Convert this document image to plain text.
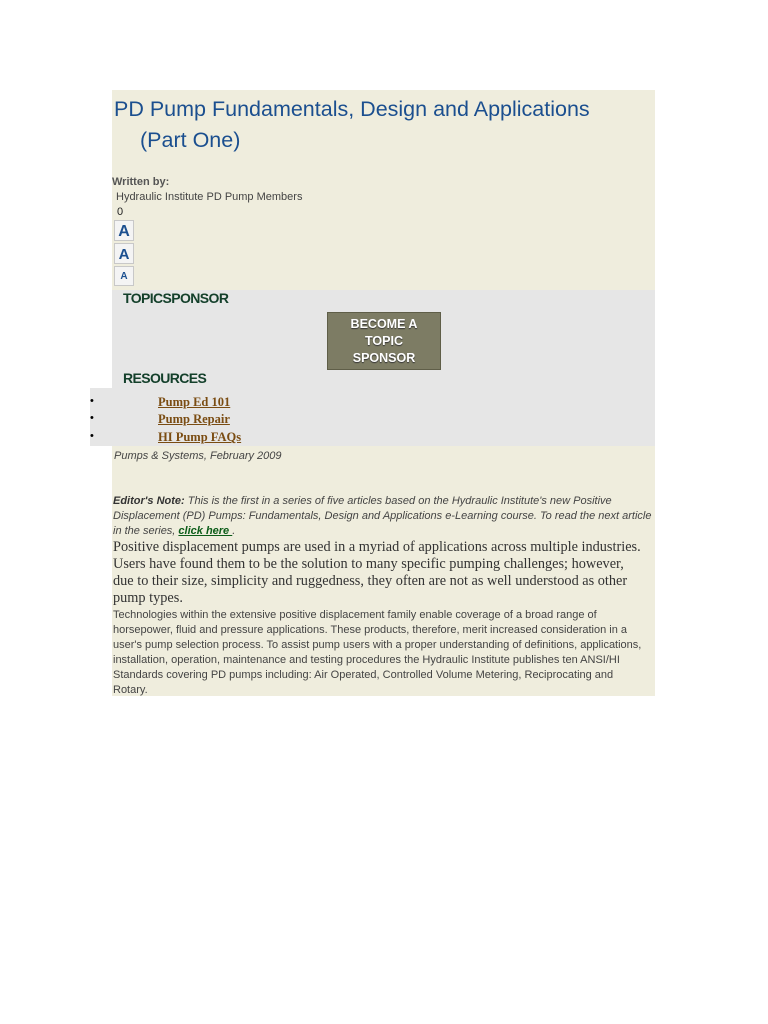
PD Pump Fundamentals, Design and Applications
(Part One)
Written by:
Hydraulic Institute PD Pump Members
0
A
A
A
TOPICSPONSOR
BECOME A
TOPIC
SPONSOR
RESOURCES
•	Pump Ed 101
•	Pump Repair
•	HI Pump FAQs
Pumps & Systems, February 2009
Editor's Note: This is the first in a series of five articles based on the Hydraulic Institute's new Positive Displacement (PD) Pumps: Fundamentals, Design and Applications e-Learning course. To read the next article in the series, click here .

Positive displacement pumps are used in a myriad of applications across multiple industries. Users have found them to be the solution to many specific pumping challenges; however, due to their size, simplicity and ruggedness, they often are not as well understood as other pump types.

Technologies within the extensive positive displacement family enable coverage of a broad range of horsepower, fluid and pressure applications. These products, therefore, merit increased consideration in a user's pump selection process. To assist pump users with a proper understanding of definitions, applications, installation, operation, maintenance and testing procedures the Hydraulic Institute publishes ten ANSI/HI Standards covering PD pumps including: Air Operated, Controlled Volume Metering, Reciprocating and Rotary.
